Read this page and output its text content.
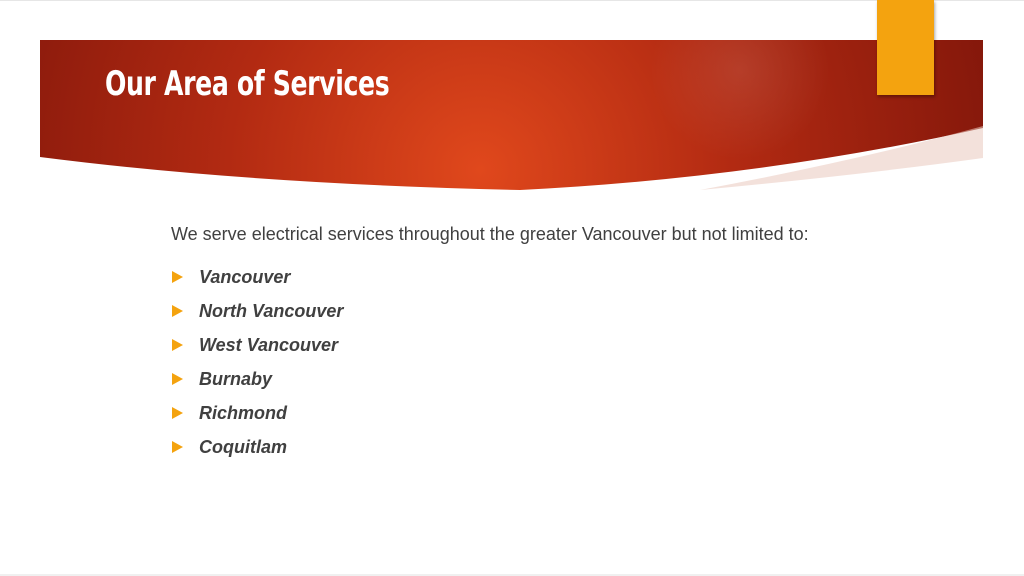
Our Area of Services

We serve electrical services throughout the greater Vancouver but not limited to:

Vancouver
North Vancouver
West Vancouver
Burnaby
Richmond
Coquitlam
